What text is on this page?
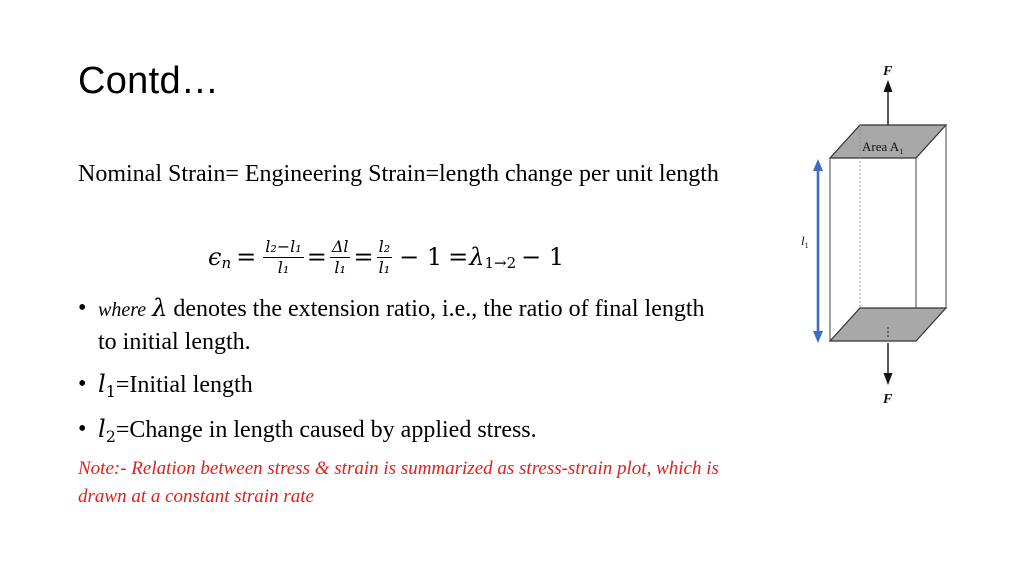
Contd…
Nominal Strain= Engineering Strain=length change per unit length
ϵ $n = \frac{\text{l₂−l₁}}{\text{l₁}} = \frac{\Delta l}{\text{l₁}} = \frac{\text{l₂}}{\text{l₁}} - 1 = \lambda$ 1→2 − 1
• where λ denotes the extension ratio, i.e., the ratio of final length to initial length.
• $l_1=Initial$ length
• $l_2=Change$ in length caused by applied stress.
Note:- Relation between stress & strain is summarized as stress-strain plot, which is drawn at a constant strain rate
F
Area $A_1$
F
$l_1$
